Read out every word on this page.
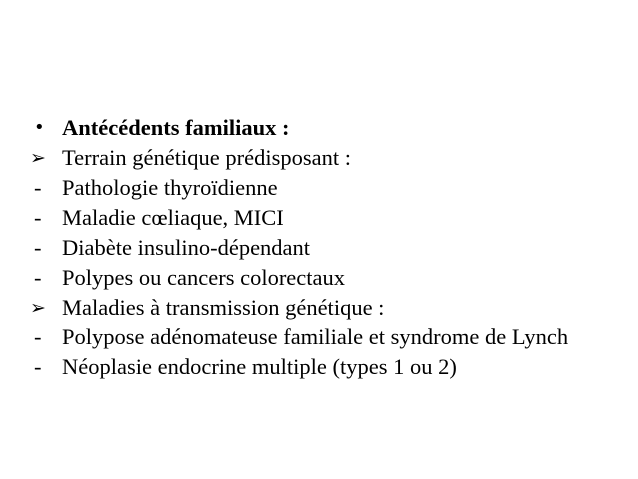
• Antécédents familiaux :
➢ Terrain génétique prédisposant :
- Pathologie thyroïdienne
- Maladie cœliaque, MICI
- Diabète insulino-dépendant
- Polypes ou cancers colorectaux
➢ Maladies à transmission génétique :
- Polypose adénomateuse familiale et syndrome de Lynch
- Néoplasie endocrine multiple (types 1 ou 2)
